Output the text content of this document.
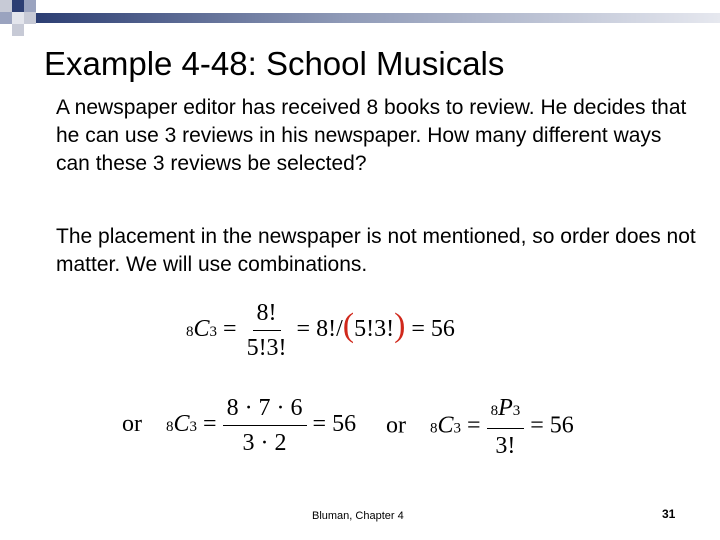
Example 4-48: School Musicals
A newspaper editor has received 8 books to review. He decides that he can use 3 reviews in his newspaper. How many different ways can these 3 reviews be selected?
The placement in the newspaper is not mentioned, so order does not matter. We will use combinations.
$8C3 = \frac{8!}{5!3!} = 8!/(5!3!) = 56$
or $8C3 = \frac{8 \cdot 7 \cdot 6}{3 \cdot 2} = 56$ or $8C3 = \frac{8P3}{3!} = 56$
Bluman, Chapter 4	31
